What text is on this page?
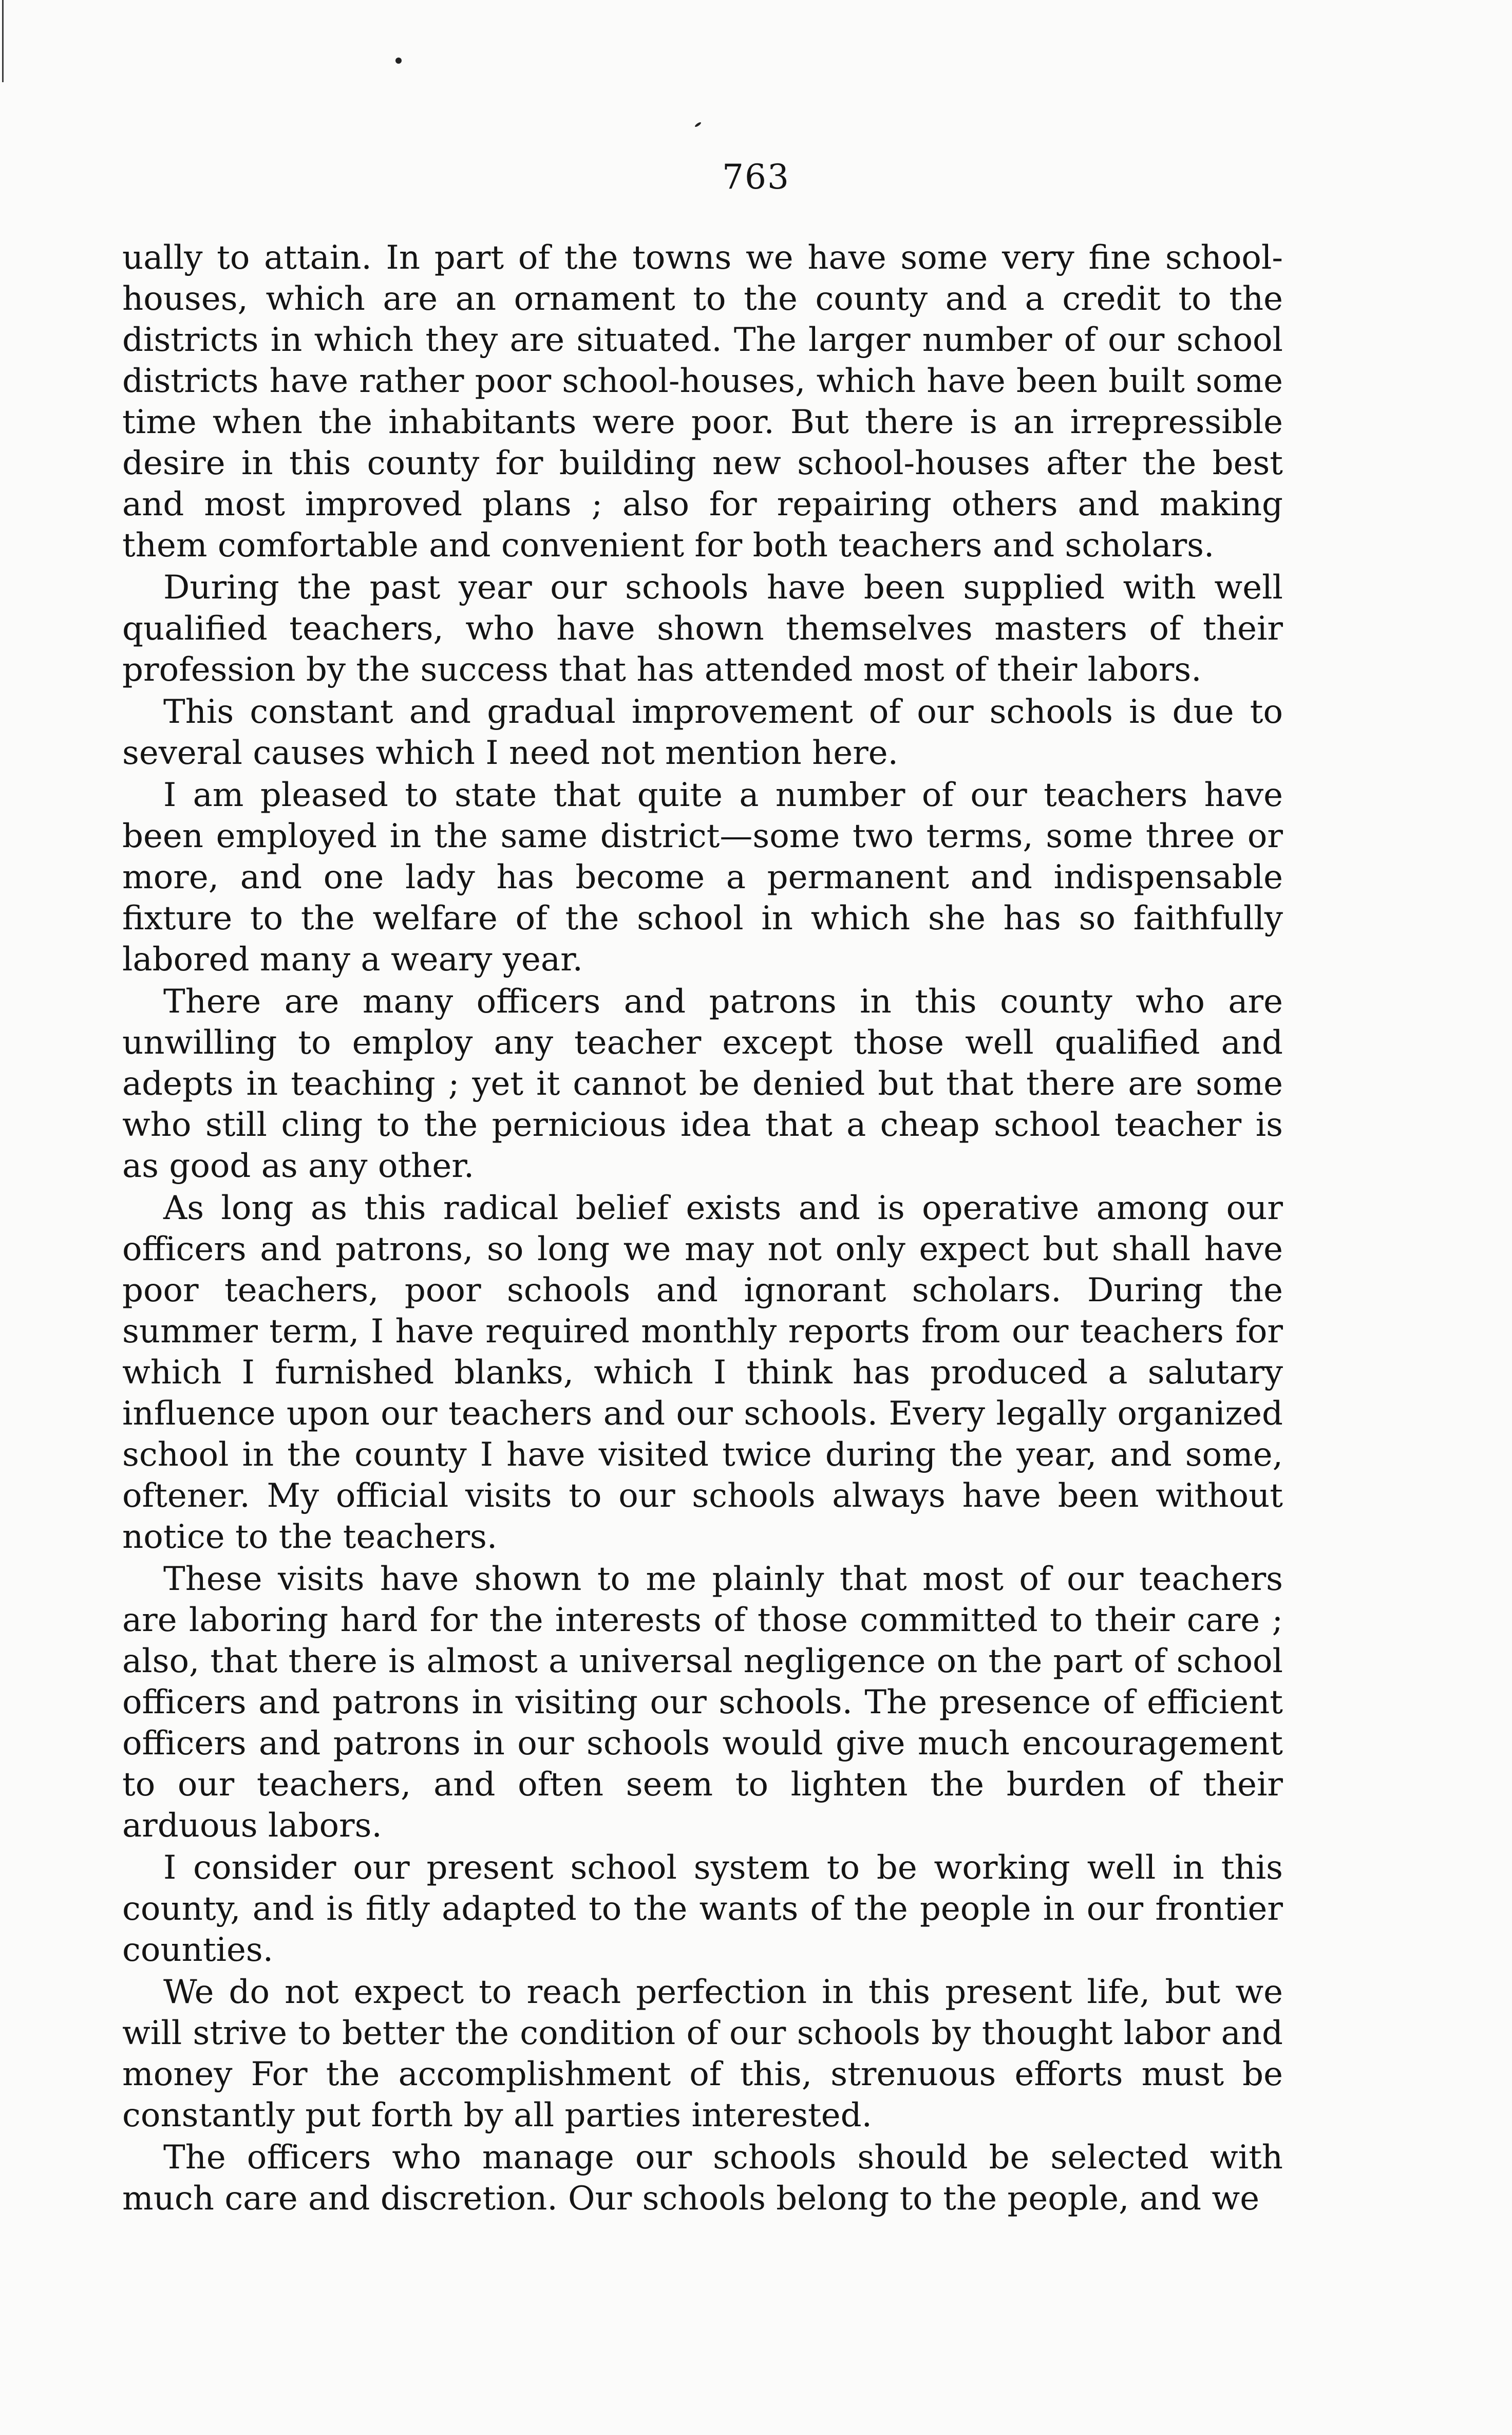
763

ually to attain. In part of the towns we have some very fine school-houses, which are an ornament to the county and a credit to the districts in which they are situated. The larger number of our school districts have rather poor school-houses, which have been built some time when the inhabitants were poor. But there is an irrepressible desire in this county for building new school-houses after the best and most improved plans ; also for repairing others and making them comfortable and convenient for both teachers and scholars.

During the past year our schools have been supplied with well qualified teachers, who have shown themselves masters of their profession by the success that has attended most of their labors.

This constant and gradual improvement of our schools is due to several causes which I need not mention here.

I am pleased to state that quite a number of our teachers have been employed in the same district—some two terms, some three or more, and one lady has become a permanent and indispensable fixture to the welfare of the school in which she has so faithfully labored many a weary year.

There are many officers and patrons in this county who are unwilling to employ any teacher except those well qualified and adepts in teaching ; yet it cannot be denied but that there are some who still cling to the pernicious idea that a cheap school teacher is as good as any other.

As long as this radical belief exists and is operative among our officers and patrons, so long we may not only expect but shall have poor teachers, poor schools and ignorant scholars. During the summer term, I have required monthly reports from our teachers for which I furnished blanks, which I think has produced a salutary influence upon our teachers and our schools. Every legally organized school in the county I have visited twice during the year, and some, oftener. My official visits to our schools always have been without notice to the teachers.

These visits have shown to me plainly that most of our teachers are laboring hard for the interests of those committed to their care ; also, that there is almost a universal negligence on the part of school officers and patrons in visiting our schools. The presence of efficient officers and patrons in our schools would give much encouragement to our teachers, and often seem to lighten the burden of their arduous labors.

I consider our present school system to be working well in this county, and is fitly adapted to the wants of the people in our frontier counties.

We do not expect to reach perfection in this present life, but we will strive to better the condition of our schools by thought labor and money For the accomplishment of this, strenuous efforts must be constantly put forth by all parties interested.

The officers who manage our schools should be selected with much care and discretion. Our schools belong to the people, and we
